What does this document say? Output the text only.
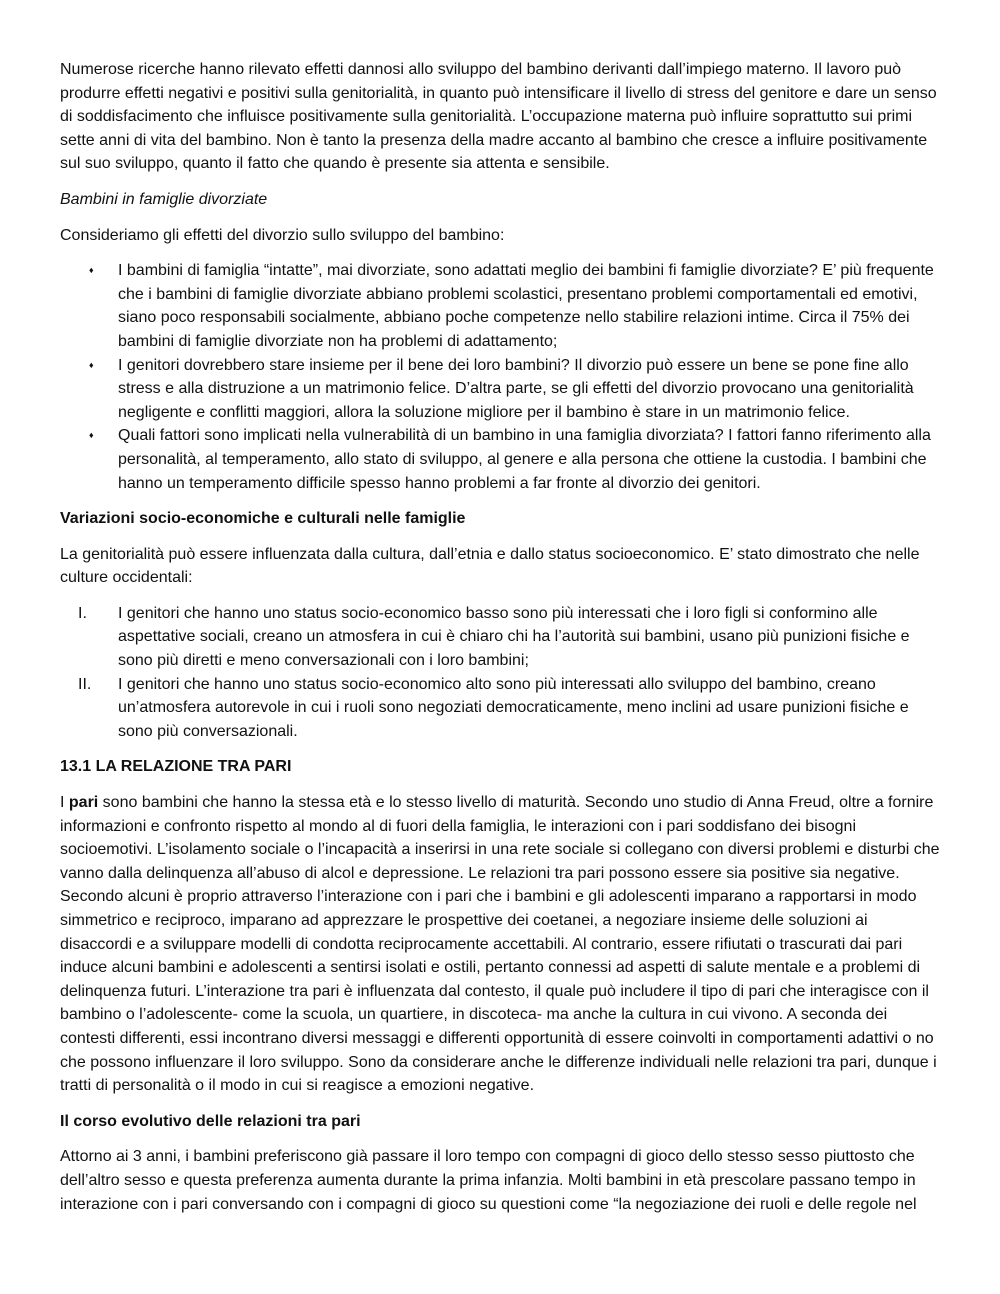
Numerose ricerche hanno rilevato effetti dannosi allo sviluppo del bambino derivanti dall’impiego materno. Il lavoro può produrre effetti negativi e positivi sulla genitorialità, in quanto può intensificare il livello di stress del genitore e dare un senso di soddisfacimento che influisce positivamente sulla genitorialità. L’occupazione materna può influire soprattutto sui primi sette anni di vita del bambino. Non è tanto la presenza della madre accanto al bambino che cresce a influire positivamente sul suo sviluppo, quanto il fatto che quando è presente sia attenta e sensibile.

Bambini in famiglie divorziate

Consideriamo gli effetti del divorzio sullo sviluppo del bambino:

♦ I bambini di famiglia “intatte”, mai divorziate, sono adattati meglio dei bambini fi famiglie divorziate? E’ più frequente che i bambini di famiglie divorziate abbiano problemi scolastici, presentano problemi comportamentali ed emotivi, siano poco responsabili socialmente, abbiano poche competenze nello stabilire relazioni intime. Circa il 75% dei bambini di famiglie divorziate non ha problemi di adattamento;
♦ I genitori dovrebbero stare insieme per il bene dei loro bambini? Il divorzio può essere un bene se pone fine allo stress e alla distruzione a un matrimonio felice. D’altra parte, se gli effetti del divorzio provocano una genitorialità negligente e conflitti maggiori, allora la soluzione migliore per il bambino è stare in un matrimonio felice.
♦ Quali fattori sono implicati nella vulnerabilità di un bambino in una famiglia divorziata? I fattori fanno riferimento alla personalità, al temperamento, allo stato di sviluppo, al genere e alla persona che ottiene la custodia. I bambini che hanno un temperamento difficile spesso hanno problemi a far fronte al divorzio dei genitori.

Variazioni socio-economiche e culturali nelle famiglie

La genitorialità può essere influenzata dalla cultura, dall’etnia e dallo status socioeconomico. E’ stato dimostrato che nelle culture occidentali:

I.	I genitori che hanno uno status socio-economico basso sono più interessati che i loro figli si conformino alle aspettative sociali, creano un atmosfera in cui è chiaro chi ha l’autorità sui bambini, usano più punizioni fisiche e sono più diretti e meno conversazionali con i loro bambini;
II.	I genitori che hanno uno status socio-economico alto sono più interessati allo sviluppo del bambino, creano un’atmosfera autorevole in cui i ruoli sono negoziati democraticamente, meno inclini ad usare punizioni fisiche e sono più conversazionali.

13.1 LA RELAZIONE TRA PARI

I pari sono bambini che hanno la stessa età e lo stesso livello di maturità. Secondo uno studio di Anna Freud, oltre a fornire informazioni e confronto rispetto al mondo al di fuori della famiglia, le interazioni con i pari soddisfano dei bisogni socioemotivi. L’isolamento sociale o l’incapacità a inserirsi in una rete sociale si collegano con diversi problemi e disturbi che vanno dalla delinquenza all’abuso di alcol e depressione. Le relazioni tra pari possono essere sia positive sia negative. Secondo alcuni è proprio attraverso l’interazione con i pari che i bambini e gli adolescenti imparano a rapportarsi in modo simmetrico e reciproco, imparano ad apprezzare le prospettive dei coetanei, a negoziare insieme delle soluzioni ai disaccordi e a sviluppare modelli di condotta reciprocamente accettabili. Al contrario, essere rifiutati o trascurati dai pari induce alcuni bambini e adolescenti a sentirsi isolati e ostili, pertanto connessi ad aspetti di salute mentale e a problemi di delinquenza futuri. L’interazione tra pari è influenzata dal contesto, il quale può includere il tipo di pari che interagisce con il bambino o l’adolescente- come la scuola, un quartiere, in discoteca- ma anche la cultura in cui vivono. A seconda dei contesti differenti, essi incontrano diversi messaggi e differenti opportunità di essere coinvolti in comportamenti adattivi o no che possono influenzare il loro sviluppo. Sono da considerare anche le differenze individuali nelle relazioni tra pari, dunque i tratti di personalità o il modo in cui si reagisce a emozioni negative.

Il corso evolutivo delle relazioni tra pari

Attorno ai 3 anni, i bambini preferiscono già passare il loro tempo con compagni di gioco dello stesso sesso piuttosto che dell’altro sesso e questa preferenza aumenta durante la prima infanzia. Molti bambini in età prescolare passano tempo in interazione con i pari conversando con i compagni di gioco su questioni come “la negoziazione dei ruoli e delle regole nel
